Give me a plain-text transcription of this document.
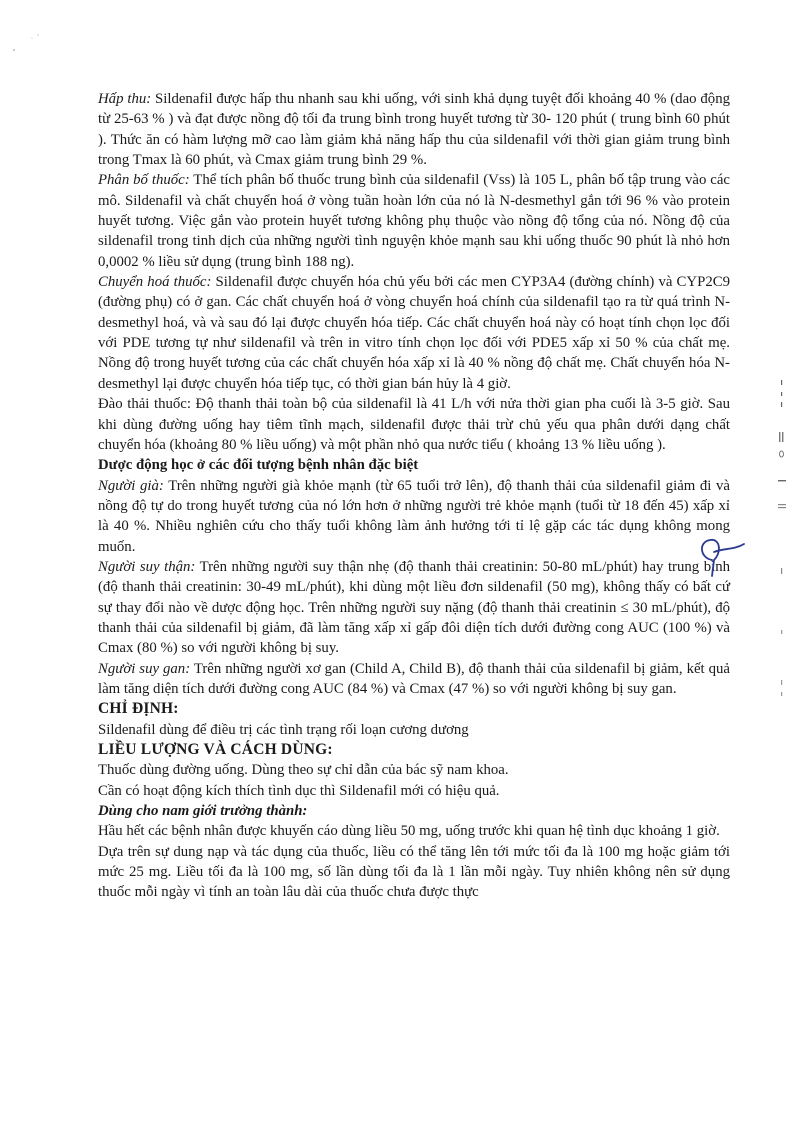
Hấp thu: Sildenafil được hấp thu nhanh sau khi uống, với sinh khả dụng tuyệt đối khoảng 40 % (dao động từ 25-63 % ) và đạt được nồng độ tối đa trung bình trong huyết tương từ 30- 120 phút ( trung bình 60 phút ). Thức ăn có hàm lượng mỡ cao làm giảm khả năng hấp thu của sildenafil với thời gian giảm trung bình trong Tmax là 60 phút, và Cmax giảm trung bình 29 %.

Phân bố thuốc: Thể tích phân bố thuốc trung bình của sildenafil (Vss) là 105 L, phân bố tập trung vào các mô. Sildenafil và chất chuyển hoá ở vòng tuần hoàn lớn của nó là N-desmethyl gắn tới 96 % vào protein huyết tương. Việc gắn vào protein huyết tương không phụ thuộc vào nồng độ tổng của nó. Nồng độ của sildenafil trong tinh dịch của những người tình nguyện khỏe mạnh sau khi uống thuốc 90 phút là nhỏ hơn 0,0002 % liều sử dụng (trung bình 188 ng).

Chuyển hoá thuốc: Sildenafil được chuyển hóa chủ yếu bởi các men CYP3A4 (đường chính) và CYP2C9 (đường phụ) có ở gan. Các chất chuyển hoá ở vòng chuyển hoá chính của sildenafil tạo ra từ quá trình N-desmethyl hoá, và và sau đó lại được chuyển hóa tiếp. Các chất chuyển hoá này có hoạt tính chọn lọc đối với PDE tương tự như sildenafil và trên in vitro tính chọn lọc đối với PDE5 xấp xỉ 50 % của chất mẹ. Nồng độ trong huyết tương của các chất chuyển hóa xấp xỉ là 40 % nồng độ chất mẹ. Chất chuyển hóa N- desmethyl lại được chuyển hóa tiếp tục, có thời gian bán hủy là 4 giờ.

Đào thải thuốc: Độ thanh thải toàn bộ của sildenafil là 41 L/h với nửa thời gian pha cuối là 3-5 giờ. Sau khi dùng đường uống hay tiêm tĩnh mạch, sildenafil được thải trừ chủ yếu qua phân dưới dạng chất chuyển hóa (khoảng 80 % liều uống) và một phần nhỏ qua nước tiểu ( khoảng 13 % liều uống ).

Dược động học ở các đối tượng bệnh nhân đặc biệt

Người già: Trên những người già khỏe mạnh (từ 65 tuổi trở lên), độ thanh thải của sildenafil giảm đi và nồng độ tự do trong huyết tương của nó lớn hơn ở những người trẻ khỏe mạnh (tuổi từ 18 đến 45) xấp xỉ là 40 %. Nhiều nghiên cứu cho thấy tuổi không làm ảnh hưởng tới tỉ lệ gặp các tác dụng không mong muốn.

Người suy thận: Trên những người suy thận nhẹ (độ thanh thải creatinin: 50-80 mL/phút) hay trung bình (độ thanh thải creatinin: 30-49 mL/phút), khi dùng một liều đơn sildenafil (50 mg), không thấy có bất cứ sự thay đổi nào về dược động học. Trên những người suy nặng (độ thanh thải creatinin ≤ 30 mL/phút), độ thanh thải của sildenafil bị giảm, đã làm tăng xấp xỉ gấp đôi diện tích dưới đường cong AUC (100 %) và Cmax (80 %) so với người không bị suy.

Người suy gan: Trên những người xơ gan (Child A, Child B), độ thanh thải của sildenafil bị giảm, kết quả làm tăng diện tích dưới đường cong AUC (84 %) và Cmax (47 %) so với người không bị suy gan.

CHỈ ĐỊNH:

Sildenafil dùng để điều trị các tình trạng rối loạn cương dương

LIỀU LƯỢNG VÀ CÁCH DÙNG:

Thuốc dùng đường uống. Dùng theo sự chỉ dẫn của bác sỹ nam khoa.

Cần có hoạt động kích thích tình dục thì Sildenafil mới có hiệu quả.

Dùng cho nam giới trưởng thành:

Hầu hết các bệnh nhân được khuyến cáo dùng liều 50 mg, uống trước khi quan hệ tình dục khoảng 1 giờ.

Dựa trên sự dung nạp và tác dụng của thuốc, liều có thể tăng lên tới mức tối đa là 100 mg hoặc giảm tới mức 25 mg. Liều tối đa là 100 mg, số lần dùng tối đa là 1 lần mỗi ngày. Tuy nhiên không nên sử dụng thuốc mỗi ngày vì tính an toàn lâu dài của thuốc chưa được thực
